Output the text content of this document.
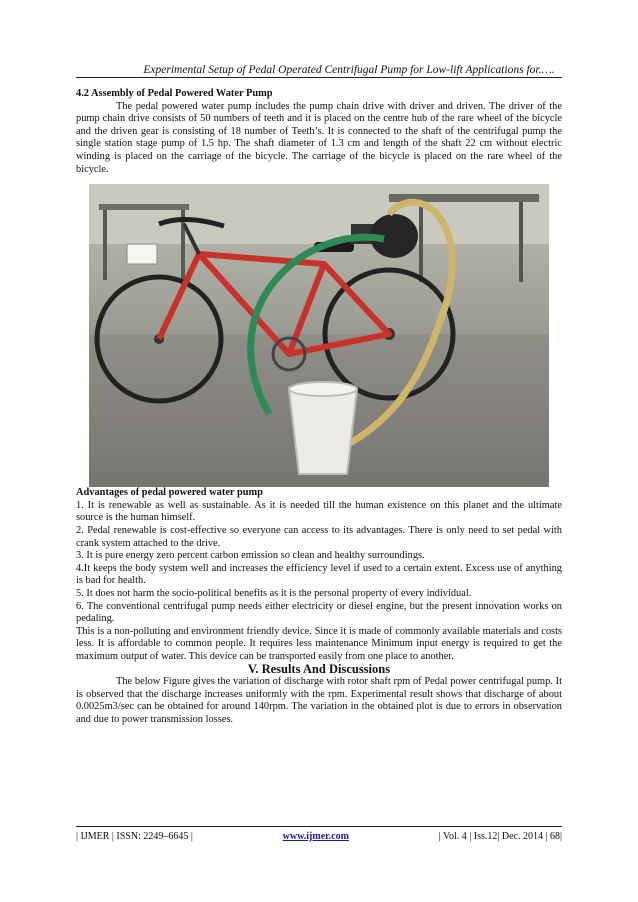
Experimental Setup of Pedal Operated Centrifugal Pump for Low-lift Applications for.….

4.2 Assembly of Pedal Powered Water Pump

The pedal powered water pump includes the pump chain drive with driver and driven. The driver of the pump chain drive consists of 50 numbers of teeth and it is placed on the centre hub of the rare wheel of the bicycle and the driven gear is consisting of 18 number of Teeth’s. It is connected to the shaft of the centrifugal pump the single station stage pump of 1.5 hp. The shaft diameter of 1.3 cm and length of the shaft 22 cm without electric winding is placed on the carriage of the bicycle. The carriage of the bicycle is placed on the rare wheel of the bicycle.

Advantages of pedal powered water pump

1. It is renewable as well as sustainable. As it is needed till the human existence on this planet and the ultimate source is the human himself.

2. Pedal renewable is cost-effective so everyone can access to its advantages. There is only need to set pedal with crank system attached to the drive.

3. It is pure energy zero percent carbon emission so clean and healthy surroundings.

4.It keeps the body system well and increases the efficiency level if used to a certain extent. Excess use of anything is bad for health.

5. It does not harm the socio-political benefits as it is the personal property of every individual.

6. The conventional centrifugal pump needs either electricity or diesel engine, but the present innovation works on pedaling.

This is a non-polluting and environment friendly device. Since it is made of commonly available materials and costs less. It is affordable to common people. It requires less maintenance Minimum input energy is required to get the maximum output of water. This device can be transported easily from one place to another.

V. Results And Discussions

The below Figure gives the variation of discharge with rotor shaft rpm of Pedal power centrifugal pump. It is observed that the discharge increases uniformly with the rpm. Experimental result shows that discharge of about 0.0025m3/sec can be obtained for around 140rpm. The variation in the obtained plot is due to errors in observation and due to power transmission losses.

| IJMER | ISSN: 2249–6645 |	www.ijmer.com	| Vol. 4 | Iss.12| Dec. 2014 | 68|
